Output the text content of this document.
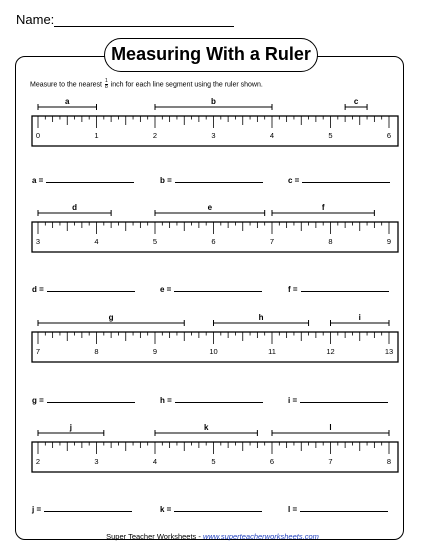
Name:
Measuring With a Ruler
Measure to the nearest $\frac{1}{8}$ inch for each line segment using the ruler shown.
0	1	2	3	4	5	6
a	b	c
3	4	5	6	7	8	9
d	e	f
7	8	9	10	11	12	13
g	h	i
2	3	4	5	6	7	8
j	k	l
a =	b =	c =
d =	e =	f =
g =	h =	i =
j =	k =	l =
Super Teacher Worksheets - www.superteacherworksheets.com
